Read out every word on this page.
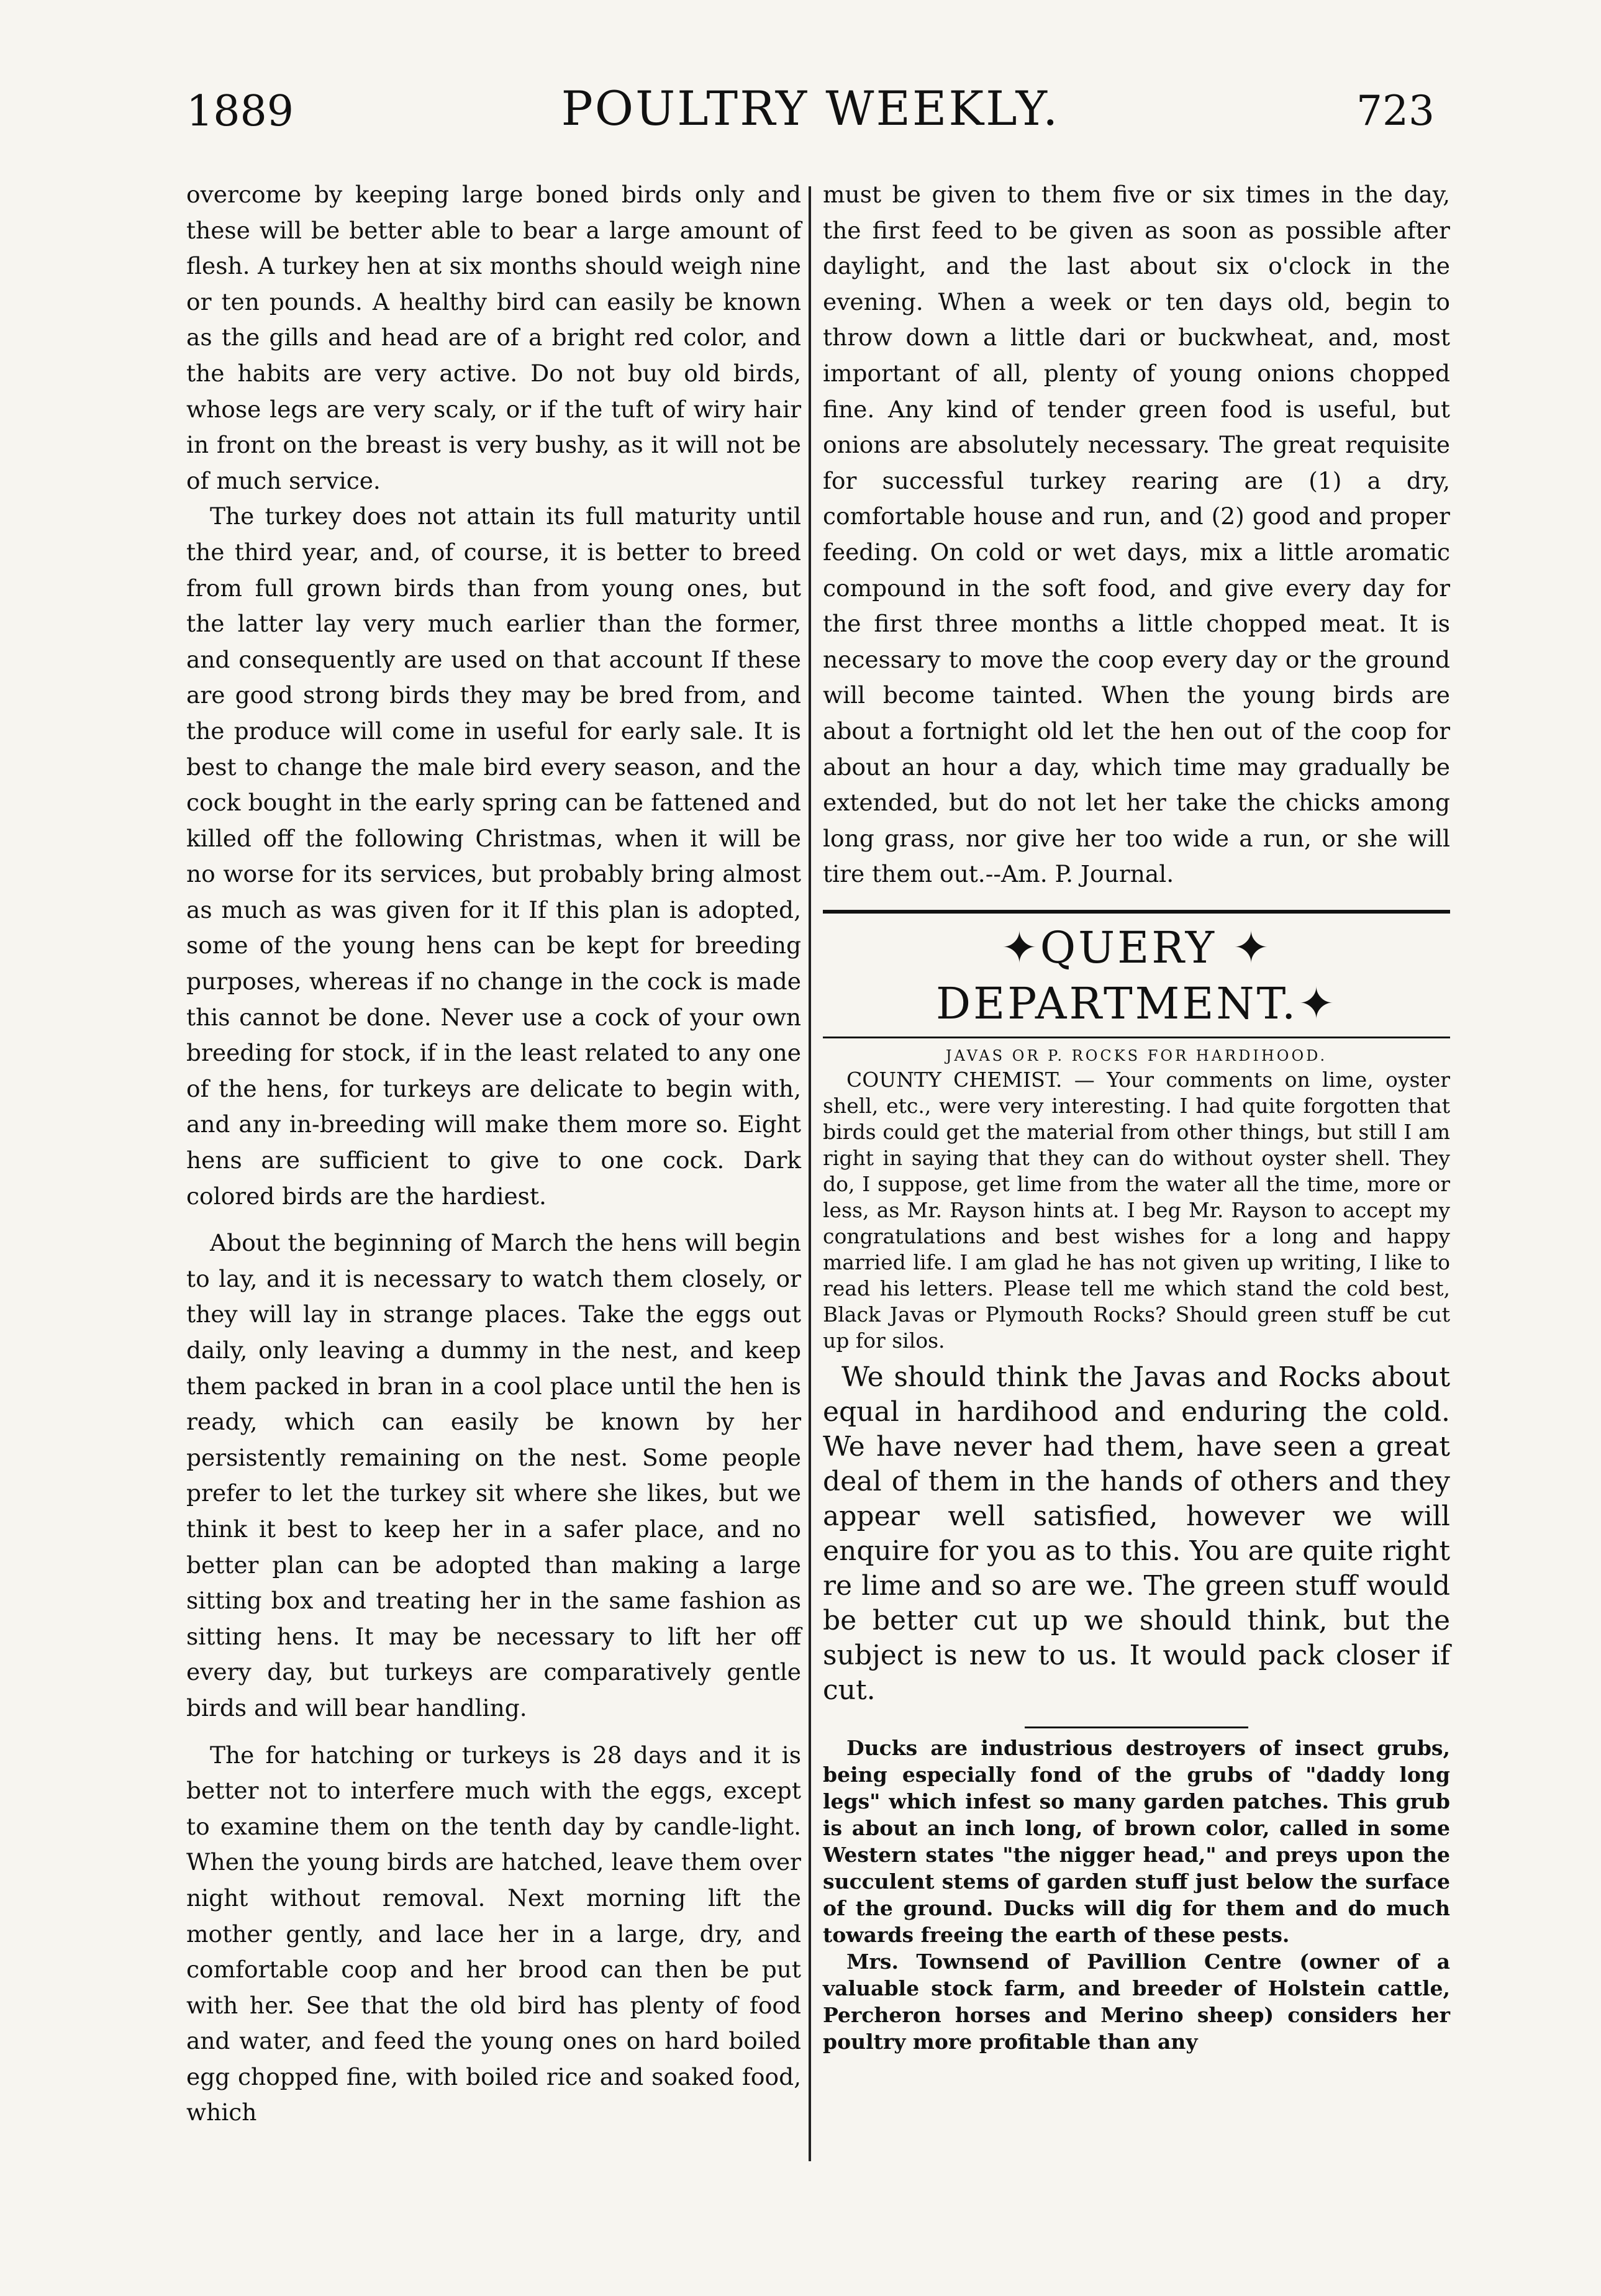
1889	POULTRY WEEKLY.	723

overcome by keeping large boned birds only and these will be better able to bear a large amount of flesh. A turkey hen at six months should weigh nine or ten pounds. A healthy bird can easily be known as the gills and head are of a bright red color, and the habits are very active. Do not buy old birds, whose legs are very scaly, or if the tuft of wiry hair in front on the breast is very bushy, as it will not be of much service.

The turkey does not attain its full maturity until the third year, and, of course, it is better to breed from full grown birds than from young ones, but the latter lay very much earlier than the former, and consequently are used on that account If these are good strong birds they may be bred from, and the produce will come in useful for early sale. It is best to change the male bird every season, and the cock bought in the early spring can be fattened and killed off the following Christmas, when it will be no worse for its services, but probably bring almost as much as was given for it If this plan is adopted, some of the young hens can be kept for breeding purposes, whereas if no change in the cock is made this cannot be done. Never use a cock of your own breeding for stock, if in the least related to any one of the hens, for turkeys are delicate to begin with, and any in-breeding will make them more so. Eight hens are sufficient to give to one cock. Dark colored birds are the hardiest.

About the beginning of March the hens will begin to lay, and it is necessary to watch them closely, or they will lay in strange places. Take the eggs out daily, only leaving a dummy in the nest, and keep them packed in bran in a cool place until the hen is ready, which can easily be known by her persistently remaining on the nest. Some people prefer to let the turkey sit where she likes, but we think it best to keep her in a safer place, and no better plan can be adopted than making a large sitting box and treating her in the same fashion as sitting hens. It may be necessary to lift her off every day, but turkeys are comparatively gentle birds and will bear handling.

The for hatching or turkeys is 28 days and it is better not to interfere much with the eggs, except to examine them on the tenth day by candle-light. When the young birds are hatched, leave them over night without removal. Next morning lift the mother gently, and lace her in a large, dry, and comfortable coop and her brood can then be put with her. See that the old bird has plenty of food and water, and feed the young ones on hard boiled egg chopped fine, with boiled rice and soaked food, which

must be given to them five or six times in the day, the first feed to be given as soon as possible after daylight, and the last about six o'clock in the evening. When a week or ten days old, begin to throw down a little dari or buckwheat, and, most important of all, plenty of young onions chopped fine. Any kind of tender green food is useful, but onions are absolutely necessary. The great requisite for successful turkey rearing are (1) a dry, comfortable house and run, and (2) good and proper feeding. On cold or wet days, mix a little aromatic compound in the soft food, and give every day for the first three months a little chopped meat. It is necessary to move the coop every day or the ground will become tainted. When the young birds are about a fortnight old let the hen out of the coop for about an hour a day, which time may gradually be extended, but do not let her take the chicks among long grass, nor give her too wide a run, or she will tire them out.--Am. P. Journal.

✦QUERY ✦ DEPARTMENT.✦
JAVAS OR P. ROCKS FOR HARDIHOOD.

COUNTY CHEMIST. — Your comments on lime, oyster shell, etc., were very interesting. I had quite forgotten that birds could get the material from other things, but still I am right in saying that they can do without oyster shell. They do, I suppose, get lime from the water all the time, more or less, as Mr. Rayson hints at. I beg Mr. Rayson to accept my congratulations and best wishes for a long and happy married life. I am glad he has not given up writing, I like to read his letters. Please tell me which stand the cold best, Black Javas or Plymouth Rocks? Should green stuff be cut up for silos.

We should think the Javas and Rocks about equal in hardihood and enduring the cold. We have never had them, have seen a great deal of them in the hands of others and they appear well satisfied, however we will enquire for you as to this. You are quite right re lime and so are we. The green stuff would be better cut up we should think, but the subject is new to us. It would pack closer if cut.

Ducks are industrious destroyers of insect grubs, being especially fond of the grubs of "daddy long legs" which infest so many garden patches. This grub is about an inch long, of brown color, called in some Western states "the nigger head," and preys upon the succulent stems of garden stuff just below the surface of the ground. Ducks will dig for them and do much towards freeing the earth of these pests.

Mrs. Townsend of Pavillion Centre (owner of a valuable stock farm, and breeder of Holstein cattle, Percheron horses and Merino sheep) considers her poultry more profitable than any
